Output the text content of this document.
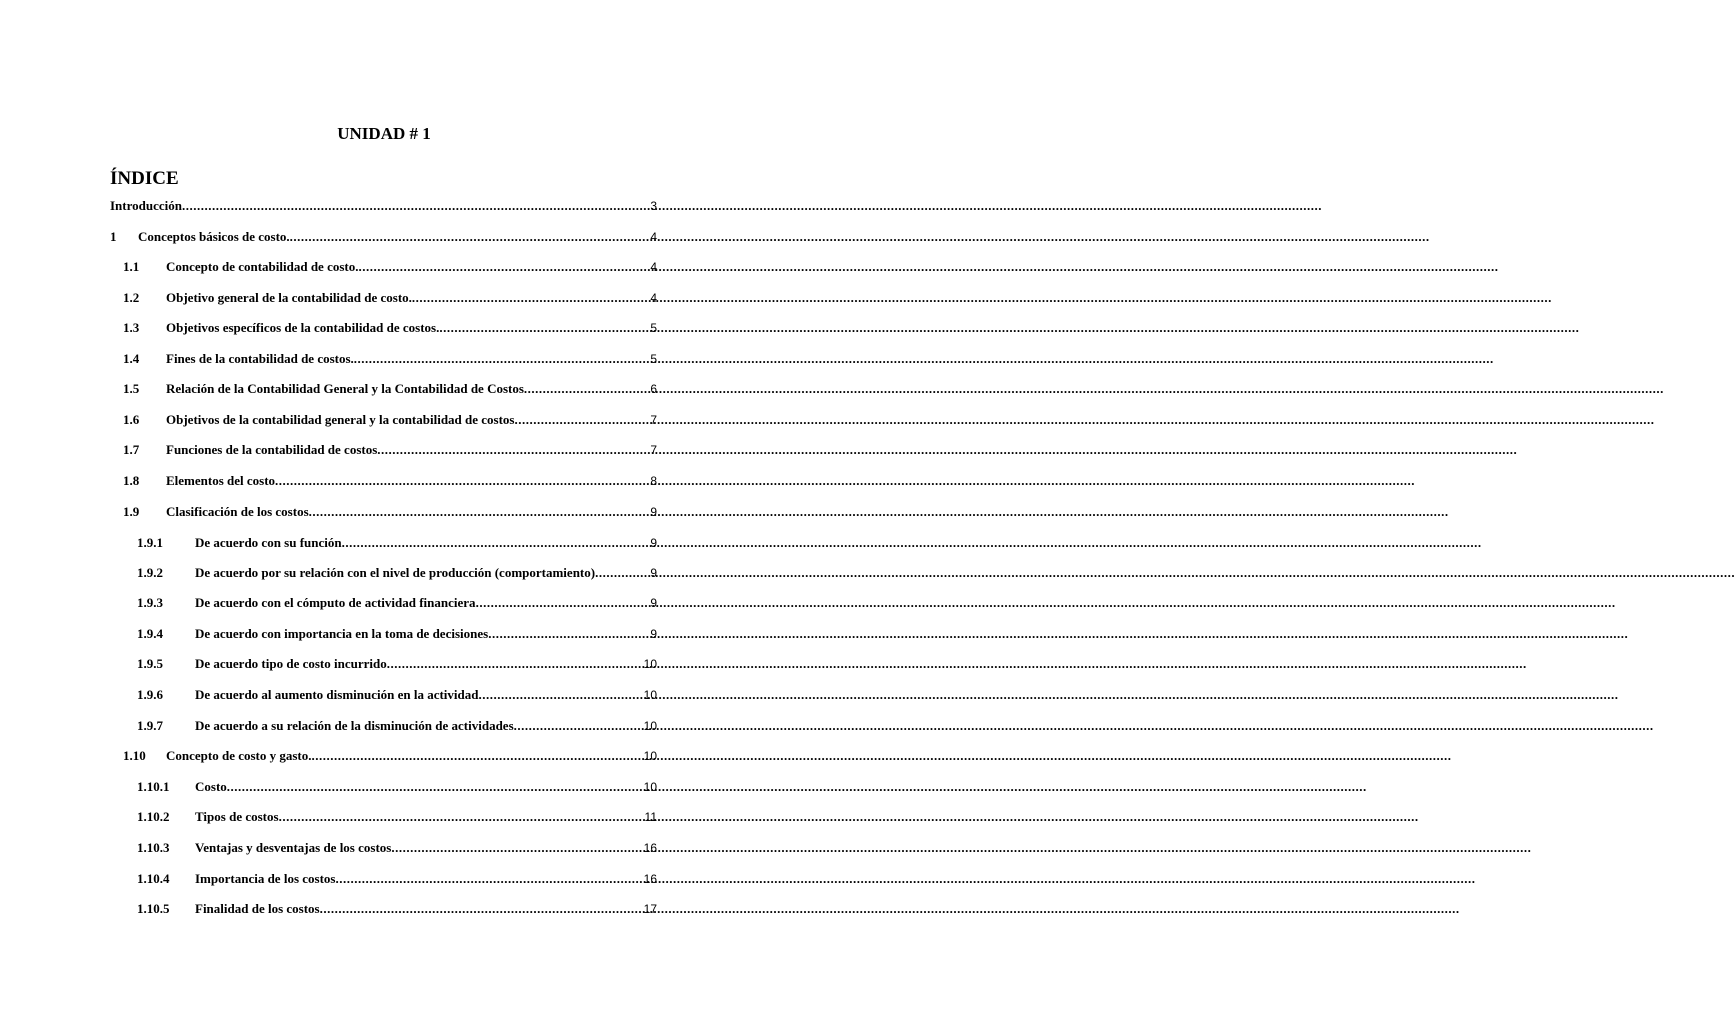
UNIDAD # 1
ÍNDICE
Introducción .....	3
1	Conceptos básicos de costo. .....	4
1.1	Concepto de contabilidad de costo. .....	4
1.2	Objetivo general de la contabilidad de costo. .....	4
1.3	Objetivos específicos de la contabilidad de costos. .....	5
1.4	Fines de la contabilidad de costos. .....	5
1.5	Relación de la Contabilidad General y la Contabilidad de Costos .....	6
1.6	Objetivos de la contabilidad general y la contabilidad de costos .....	7
1.7	Funciones de la contabilidad de costos .....	7
1.8	Elementos del costo .....	8
1.9	Clasificación de los costos .....	9
1.9.1	De acuerdo con su función .....	9
1.9.2	De acuerdo por su relación con el nivel de producción (comportamiento) .....	9
1.9.3	De acuerdo con el cómputo de actividad financiera .....	9
1.9.4	De acuerdo con importancia en la toma de decisiones .....	9
1.9.5	De acuerdo tipo de costo incurrido .....	10
1.9.6	De acuerdo al aumento disminución en la actividad .....	10
1.9.7	De acuerdo a su relación de la disminución de actividades .....	10
1.10	Concepto de costo y gasto. .....	10
1.10.1	Costo .....	10
1.10.2	Tipos de costos .....	11
1.10.3	Ventajas y desventajas de los costos .....	16
1.10.4	Importancia de los costos .....	16
1.10.5	Finalidad de los costos .....	17
